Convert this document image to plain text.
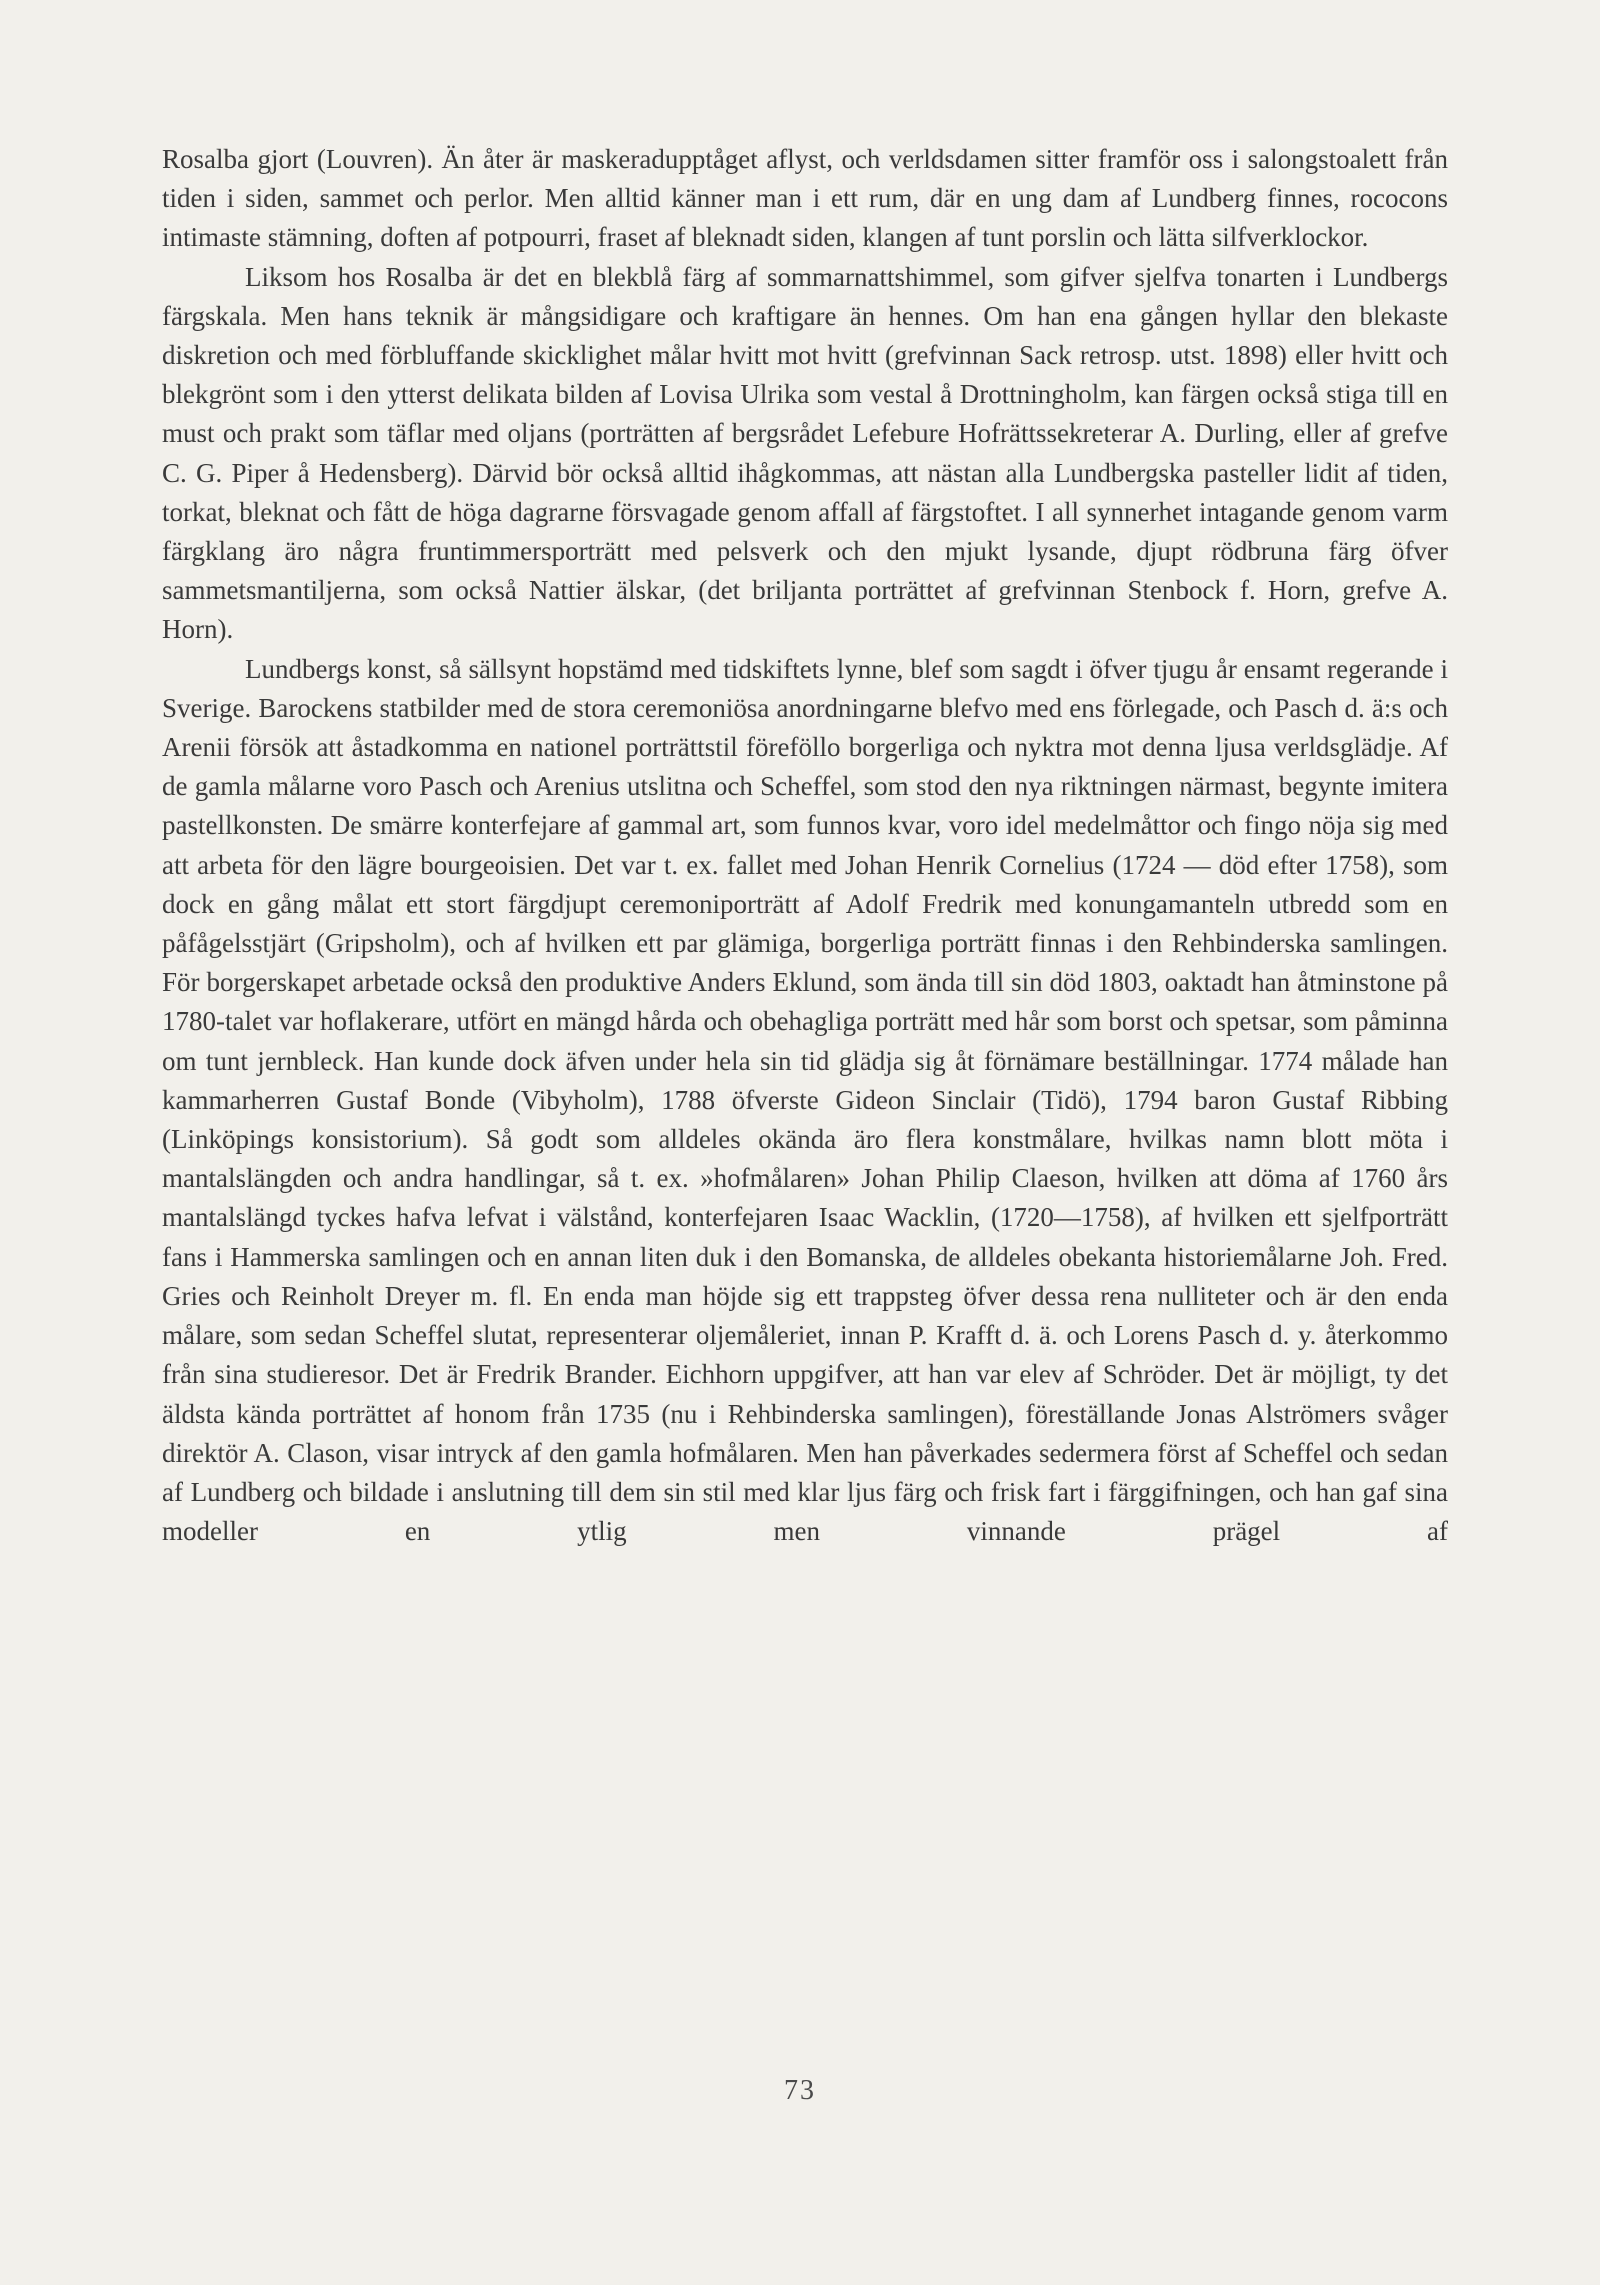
Rosalba gjort (Louvren). Än åter är maskeradupptåget aflyst, och verldsdamen sitter framför oss i salongstoalett från tiden i siden, sammet och perlor. Men alltid känner man i ett rum, där en ung dam af Lundberg finnes, rococons intimaste stämning, doften af potpourri, fraset af bleknadt siden, klangen af tunt porslin och lätta silfverklockor.

Liksom hos Rosalba är det en blekblå färg af sommarnattshimmel, som gifver sjelfva tonarten i Lundbergs färgskala. Men hans teknik är mångsidigare och kraftigare än hennes. Om han ena gången hyllar den blekaste diskretion och med förbluffande skicklighet målar hvitt mot hvitt (grefvinnan Sack retrosp. utst. 1898) eller hvitt och blekgrönt som i den ytterst delikata bilden af Lovisa Ulrika som vestal å Drottningholm, kan färgen också stiga till en must och prakt som täflar med oljans (porträtten af bergsrådet Lefebure Hofrättssekreterar A. Durling, eller af grefve C. G. Piper å Hedensberg). Därvid bör också alltid ihågkommas, att nästan alla Lundbergska pasteller lidit af tiden, torkat, bleknat och fått de höga dagrarne försvagade genom affall af färgstoftet. I all synnerhet intagande genom varm färgklang äro några fruntimmersporträtt med pelsverk och den mjukt lysande, djupt rödbruna färg öfver sammetsmantiljerna, som också Nattier älskar, (det briljanta porträttet af grefvinnan Stenbock f. Horn, grefve A. Horn).

Lundbergs konst, så sällsynt hopstämd med tidskiftets lynne, blef som sagdt i öfver tjugu år ensamt regerande i Sverige. Barockens statbilder med de stora ceremoniösa anordningarne blefvo med ens förlegade, och Pasch d. ä:s och Arenii försök att åstadkomma en nationel porträttstil föreföllo borgerliga och nyktra mot denna ljusa verldsglädje. Af de gamla målarne voro Pasch och Arenius utslitna och Scheffel, som stod den nya riktningen närmast, begynte imitera pastellkonsten. De smärre konterfejare af gammal art, som funnos kvar, voro idel medelmåttor och fingo nöja sig med att arbeta för den lägre bourgeoisien. Det var t. ex. fallet med Johan Henrik Cornelius (1724 — död efter 1758), som dock en gång målat ett stort färgdjupt ceremoniporträtt af Adolf Fredrik med konungamanteln utbredd som en påfågelsstjärt (Gripsholm), och af hvilken ett par glämiga, borgerliga porträtt finnas i den Rehbinderska samlingen. För borgerskapet arbetade också den produktive Anders Eklund, som ända till sin död 1803, oaktadt han åtminstone på 1780-talet var hoflakerare, utfört en mängd hårda och obehagliga porträtt med hår som borst och spetsar, som påminna om tunt jernbleck. Han kunde dock äfven under hela sin tid glädja sig åt förnämare beställningar. 1774 målade han kammarherren Gustaf Bonde (Vibyholm), 1788 öfverste Gideon Sinclair (Tidö), 1794 baron Gustaf Ribbing (Linköpings konsistorium). Så godt som alldeles okända äro flera konstmålare, hvilkas namn blott möta i mantalslängden och andra handlingar, så t. ex. »hofmålaren» Johan Philip Claeson, hvilken att döma af 1760 års mantalslängd tyckes hafva lefvat i välstånd, konterfejaren Isaac Wacklin, (1720—1758), af hvilken ett sjelfporträtt fans i Hammerska samlingen och en annan liten duk i den Bomanska, de alldeles obekanta historiemålarne Joh. Fred. Gries och Reinholt Dreyer m. fl. En enda man höjde sig ett trappsteg öfver dessa rena nulliteter och är den enda målare, som sedan Scheffel slutat, representerar oljemåleriet, innan P. Krafft d. ä. och Lorens Pasch d. y. återkommo från sina studieresor. Det är Fredrik Brander. Eichhorn uppgifver, att han var elev af Schröder. Det är möjligt, ty det äldsta kända porträttet af honom från 1735 (nu i Rehbinderska samlingen), föreställande Jonas Alströmers svåger direktör A. Clason, visar intryck af den gamla hofmålaren. Men han påverkades sedermera först af Scheffel och sedan af Lundberg och bildade i anslutning till dem sin stil med klar ljus färg och frisk fart i färggifningen, och han gaf sina modeller en ytlig men vinnande prägel af

73
